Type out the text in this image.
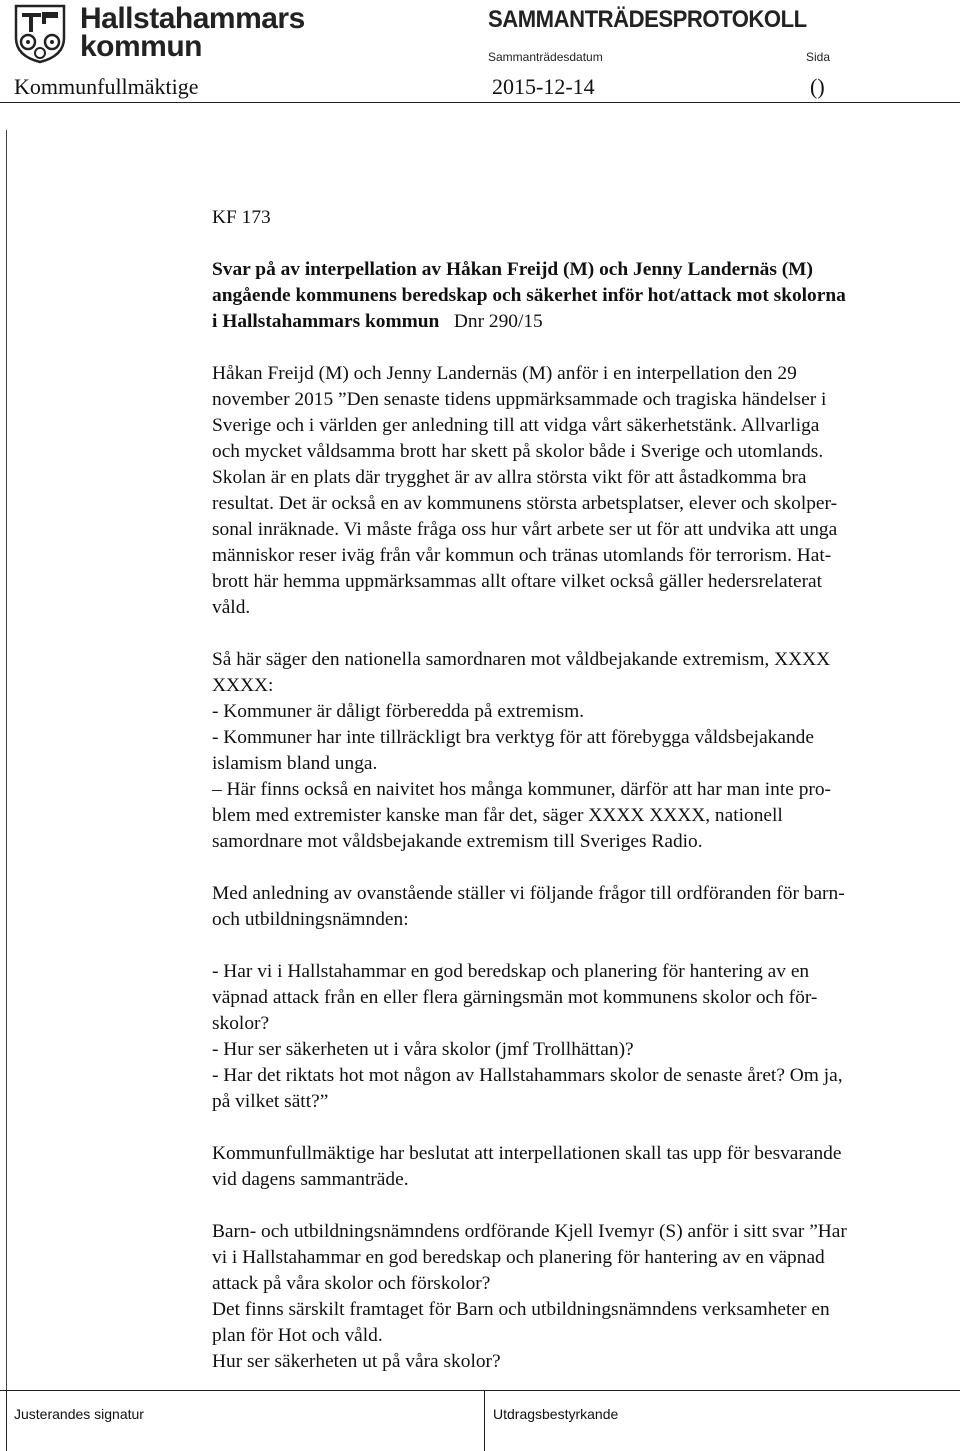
Hallstahammars
kommun
SAMMANTRÄDESPROTOKOLL
Sammanträdesdatum	Sida
Kommunfullmäktige	2015-12-14	()

KF 173

Svar på av interpellation av Håkan Freijd (M) och Jenny Landernäs (M)
angående kommunens beredskap och säkerhet inför hot/attack mot skolorna
i Hallstahammars kommun Dnr 290/15

Håkan Freijd (M) och Jenny Landernäs (M) anför i en interpellation den 29
november 2015 ”Den senaste tidens uppmärksammade och tragiska händelser i
Sverige och i världen ger anledning till att vidga vårt säkerhetstänk. Allvarliga
och mycket våldsamma brott har skett på skolor både i Sverige och utomlands.
Skolan är en plats där trygghet är av allra största vikt för att åstadkomma bra
resultat. Det är också en av kommunens största arbetsplatser, elever och skolper-
sonal inräknade. Vi måste fråga oss hur vårt arbete ser ut för att undvika att unga
människor reser iväg från vår kommun och tränas utomlands för terrorism. Hat-
brott här hemma uppmärksammas allt oftare vilket också gäller hedersrelaterat
våld.

Så här säger den nationella samordnaren mot våldbejakande extremism, XXXX
XXXX:
- Kommuner är dåligt förberedda på extremism.
- Kommuner har inte tillräckligt bra verktyg för att förebygga våldsbejakande
islamism bland unga.
– Här finns också en naivitet hos många kommuner, därför att har man inte pro-
blem med extremister kanske man får det, säger XXXX XXXX, nationell
samordnare mot våldsbejakande extremism till Sveriges Radio.

Med anledning av ovanstående ställer vi följande frågor till ordföranden för barn-
och utbildningsnämnden:

- Har vi i Hallstahammar en god beredskap och planering för hantering av en
väpnad attack från en eller flera gärningsmän mot kommunens skolor och för-
skolor?
- Hur ser säkerheten ut i våra skolor (jmf Trollhättan)?
- Har det riktats hot mot någon av Hallstahammars skolor de senaste året? Om ja,
på vilket sätt?”

Kommunfullmäktige har beslutat att interpellationen skall tas upp för besvarande
vid dagens sammanträde.

Barn- och utbildningsnämndens ordförande Kjell Ivemyr (S) anför i sitt svar ”Har
vi i Hallstahammar en god beredskap och planering för hantering av en väpnad
attack på våra skolor och förskolor?
Det finns särskilt framtaget för Barn och utbildningsnämndens verksamheter en
plan för Hot och våld.
Hur ser säkerheten ut på våra skolor?

Justerandes signatur	Utdragsbestyrkande
